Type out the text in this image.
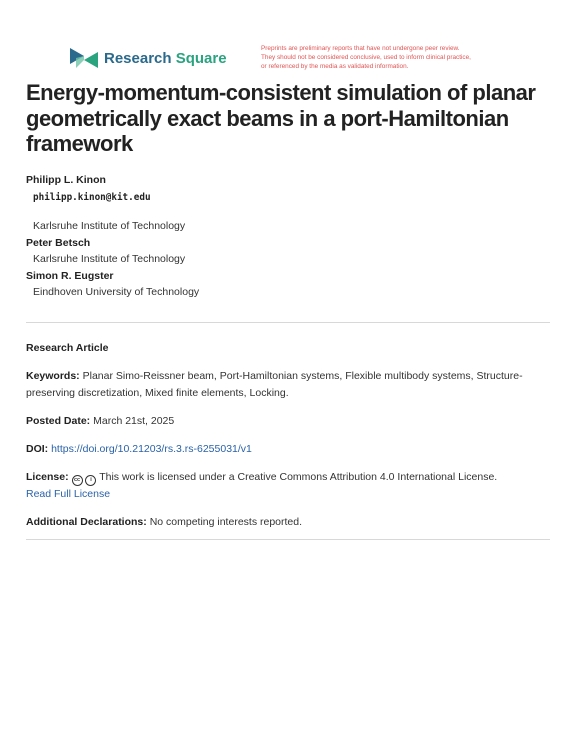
Research Square
Preprints are preliminary reports that have not undergone peer review.
They should not be considered conclusive, used to inform clinical practice,
or referenced by the media as validated information.
Energy-momentum-consistent simulation of planar geometrically exact beams in a port-Hamiltonian framework
Philipp L. Kinon
philipp.kinon@kit.edu
Karlsruhe Institute of Technology
Peter Betsch
Karlsruhe Institute of Technology
Simon R. Eugster
Eindhoven University of Technology

Research Article

Keywords: Planar Simo-Reissner beam, Port-Hamiltonian systems, Flexible multibody systems, Structure-preserving discretization, Mixed finite elements, Locking.

Posted Date: March 21st, 2025

DOI: https://doi.org/10.21203/rs.3.rs-6255031/v1

License: cc i This work is licensed under a Creative Commons Attribution 4.0 International License.
Read Full License

Additional Declarations: No competing interests reported.
